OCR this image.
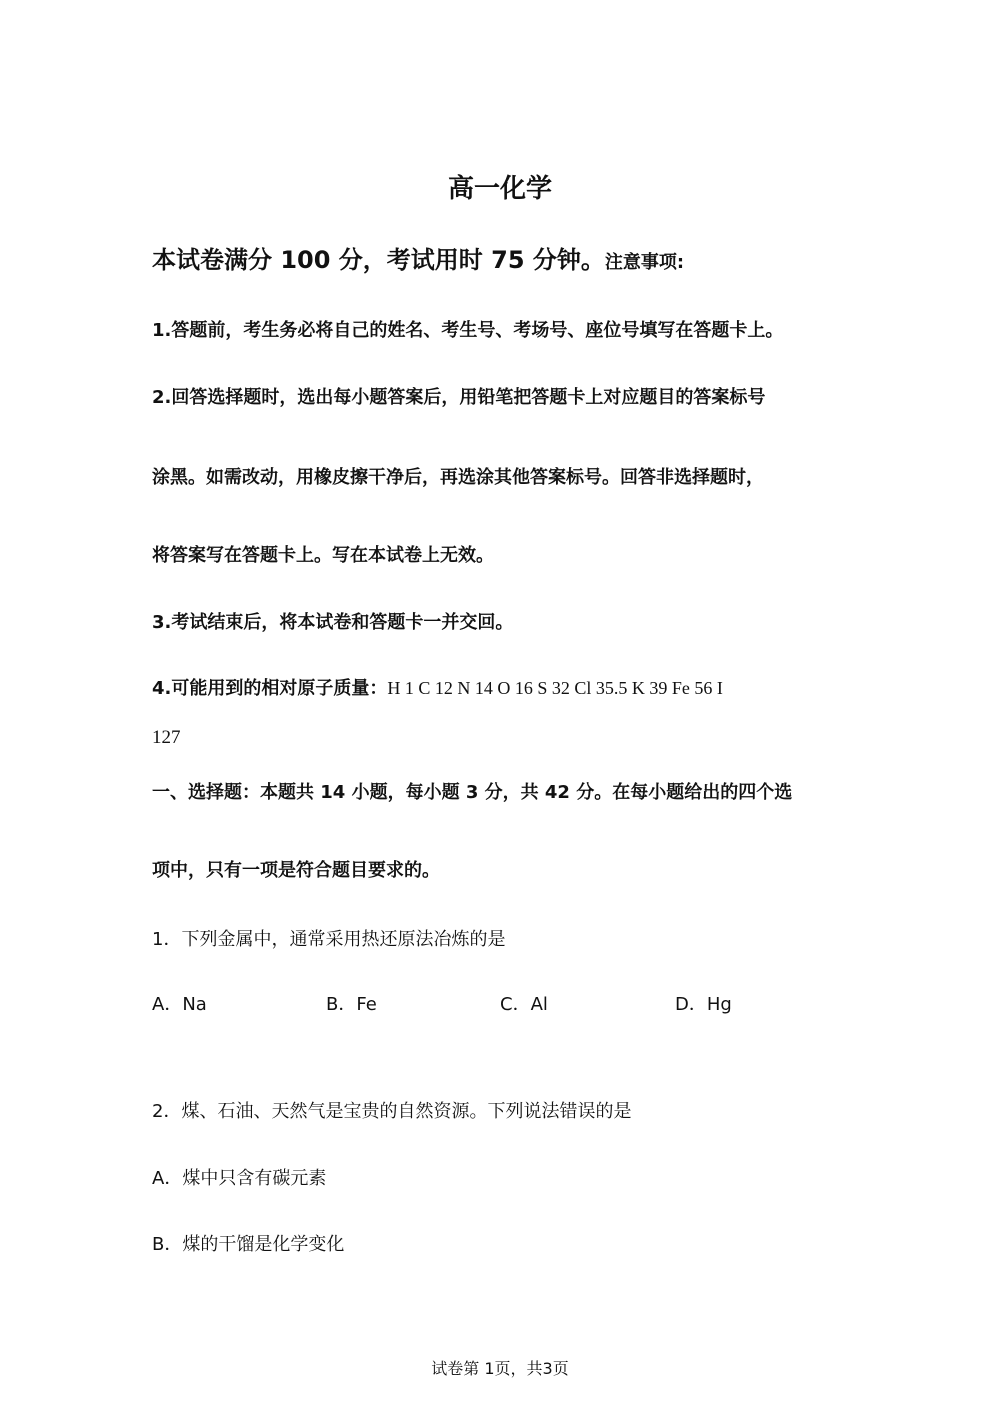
高一化学
本试卷满分 100 分，考试用时 75 分钟。注意事项:
1.答题前，考生务必将自己的姓名、考生号、考场号、座位号填写在答题卡上。
2.回答选择题时，选出每小题答案后，用铅笔把答题卡上对应题目的答案标号
涂黑。如需改动，用橡皮擦干净后，再选涂其他答案标号。回答非选择题时，
将答案写在答题卡上。写在本试卷上无效。
3.考试结束后，将本试卷和答题卡一并交回。
4.可能用到的相对原子质量：H 1 C 12 N 14 O 16 S 32 Cl 35.5 K 39 Fe 56 I
127
一、选择题：本题共 14 小题，每小题 3 分，共 42 分。在每小题给出的四个选
项中，只有一项是符合题目要求的。
1．下列金属中，通常采用热还原法冶炼的是
A．Na	B．Fe	C．Al	D．Hg
2．煤、石油、天然气是宝贵的自然资源。下列说法错误的是
A．煤中只含有碳元素
B．煤的干馏是化学变化
试卷第 1页，共3页
